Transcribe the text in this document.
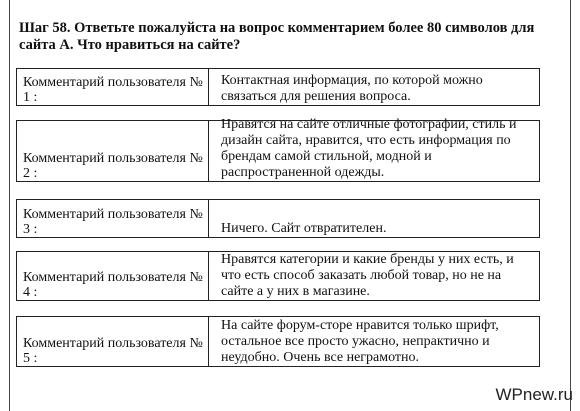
Шаг 58. Ответьте пожалуйста на вопрос комментарием более 80 символов для сайта А. Что нравиться на сайте?
Комментарий пользователя №
1 :
Контактная информация, по которой можно связаться для решения вопроса.
Комментарий пользователя №
2 :
Нравятся на сайте отличные фотографии, стиль и дизайн сайта, нравится, что есть информация по брендам самой стильной, модной и распространенной одежды.
Комментарий пользователя №
3 :	Ничего. Сайт отвратителен.
Комментарий пользователя №
4 :
Нравятся категории и какие бренды у них есть, и что есть способ заказать любой товар, но не на сайте а у них в магазине.
Комментарий пользователя №
5 :
На сайте форум-сторе нравится только шрифт, остальное все просто ужасно, непрактично и неудобно. Очень все неграмотно.
WPnew.ru
